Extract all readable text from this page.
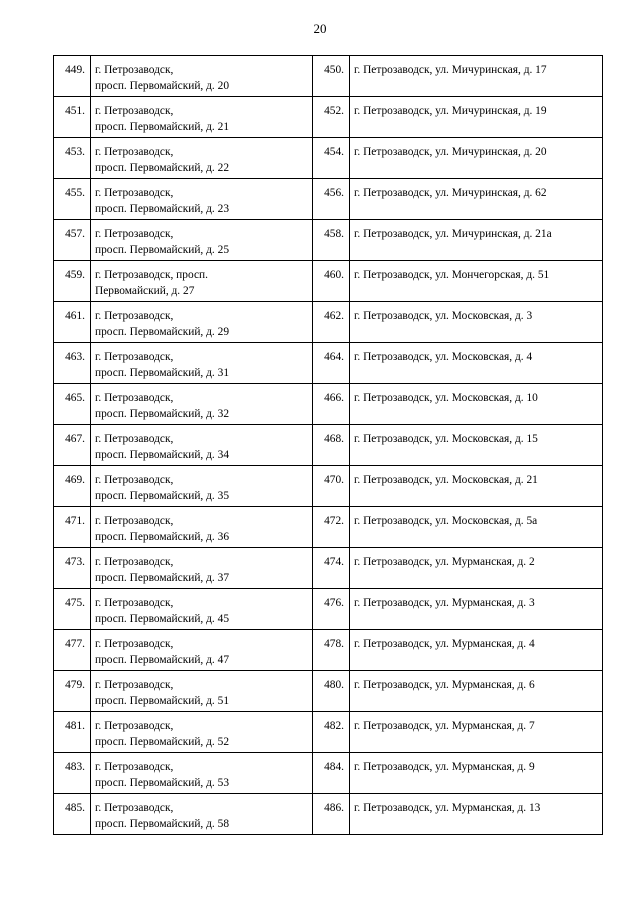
20
449.	г. Петрозаводск,
просп. Первомайский, д. 20	450.	г. Петрозаводск, ул. Мичуринская, д. 17

451.	г. Петрозаводск,
просп. Первомайский, д. 21	452.	г. Петрозаводск, ул. Мичуринская, д. 19

453.	г. Петрозаводск,
просп. Первомайский, д. 22	454.	г. Петрозаводск, ул. Мичуринская, д. 20

455.	г. Петрозаводск,
просп. Первомайский, д. 23	456.	г. Петрозаводск, ул. Мичуринская, д. 62

457.	г. Петрозаводск,
просп. Первомайский, д. 25	458.	г. Петрозаводск, ул. Мичуринская, д. 21а

459.	г. Петрозаводск, просп.
Первомайский, д. 27	460.	г. Петрозаводск, ул. Мончегорская, д. 51

461.	г. Петрозаводск,
просп. Первомайский, д. 29	462.	г. Петрозаводск, ул. Московская, д. 3

463.	г. Петрозаводск,
просп. Первомайский, д. 31	464.	г. Петрозаводск, ул. Московская, д. 4

465.	г. Петрозаводск,
просп. Первомайский, д. 32	466.	г. Петрозаводск, ул. Московская, д. 10

467.	г. Петрозаводск,
просп. Первомайский, д. 34	468.	г. Петрозаводск, ул. Московская, д. 15

469.	г. Петрозаводск,
просп. Первомайский, д. 35	470.	г. Петрозаводск, ул. Московская, д. 21

471.	г. Петрозаводск,
просп. Первомайский, д. 36	472.	г. Петрозаводск, ул. Московская, д. 5а

473.	г. Петрозаводск,
просп. Первомайский, д. 37	474.	г. Петрозаводск, ул. Мурманская, д. 2

475.	г. Петрозаводск,
просп. Первомайский, д. 45	476.	г. Петрозаводск, ул. Мурманская, д. 3

477.	г. Петрозаводск,
просп. Первомайский, д. 47	478.	г. Петрозаводск, ул. Мурманская, д. 4

479.	г. Петрозаводск,
просп. Первомайский, д. 51	480.	г. Петрозаводск, ул. Мурманская, д. 6

481.	г. Петрозаводск,
просп. Первомайский, д. 52	482.	г. Петрозаводск, ул. Мурманская, д. 7

483.	г. Петрозаводск,
просп. Первомайский, д. 53	484.	г. Петрозаводск, ул. Мурманская, д. 9

485.	г. Петрозаводск,
просп. Первомайский, д. 58	486.	г. Петрозаводск, ул. Мурманская, д. 13
